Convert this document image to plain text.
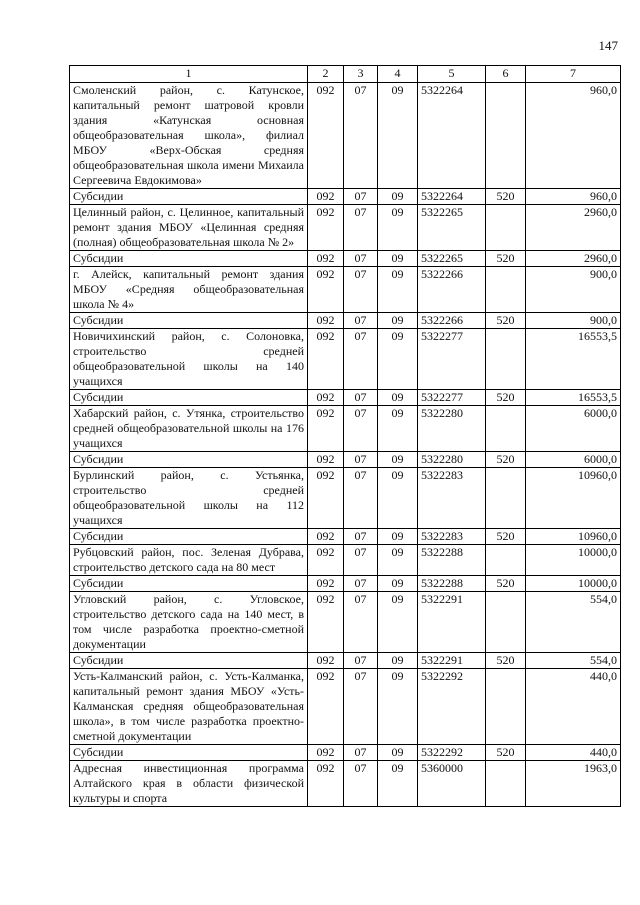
147
1	2	3	4	5	6	7
Смоленский район, с. Катунское, капитальный ремонт шатровой кровли здания «Катунская основная общеобразовательная школа», филиал МБОУ «Верх-Обская средняя общеобразовательная школа имени Михаила Сергеевича Евдокимова»	092	07	09	5322264		960,0
Субсидии	092	07	09	5322264	520	960,0
Целинный район, с. Целинное, капитальный ремонт здания МБОУ «Целинная средняя (полная) общеобразовательная школа № 2»	092	07	09	5322265		2960,0
Субсидии	092	07	09	5322265	520	2960,0
г. Алейск, капитальный ремонт здания МБОУ «Средняя общеобразовательная школа № 4»	092	07	09	5322266		900,0
Субсидии	092	07	09	5322266	520	900,0
Новичихинский район, с. Солоновка, строительство средней общеобразовательной школы на 140 учащихся	092	07	09	5322277		16553,5
Субсидии	092	07	09	5322277	520	16553,5
Хабарский район, с. Утянка, строительство средней общеобразовательной школы на 176 учащихся	092	07	09	5322280		6000,0
Субсидии	092	07	09	5322280	520	6000,0
Бурлинский район, с. Устьянка, строительство средней общеобразовательной школы на 112 учащихся	092	07	09	5322283		10960,0
Субсидии	092	07	09	5322283	520	10960,0
Рубцовский район, пос. Зеленая Дубрава, строительство детского сада на 80 мест	092	07	09	5322288		10000,0
Субсидии	092	07	09	5322288	520	10000,0
Угловский район, с. Угловское, строительство детского сада на 140 мест, в том числе разработка проектно-сметной документации	092	07	09	5322291		554,0
Субсидии	092	07	09	5322291	520	554,0
Усть-Калманский район, с. Усть-Калманка, капитальный ремонт здания МБОУ «Усть-Калманская средняя общеобразовательная школа», в том числе разработка проектно-сметной документации	092	07	09	5322292		440,0
Субсидии	092	07	09	5322292	520	440,0
Адресная инвестиционная программа Алтайского края в области физической культуры и спорта	092	07	09	5360000		1963,0
